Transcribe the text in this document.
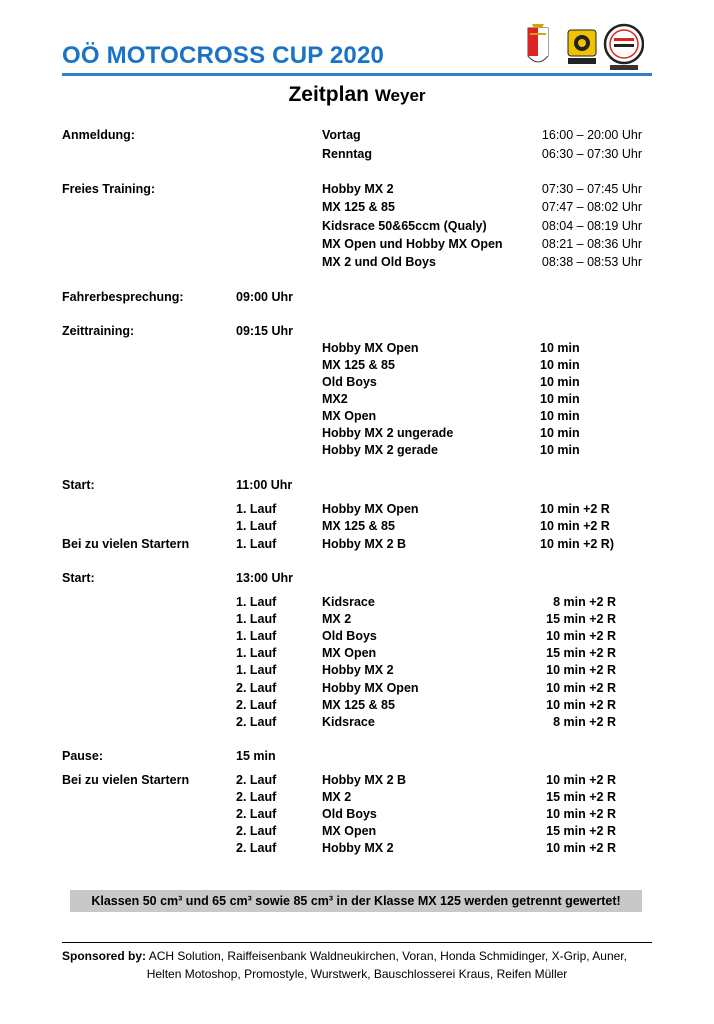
OÖ MOTOCROSS CUP 2020
Zeitplan Weyer
Anmeldung:	Vortag	16:00 – 20:00 Uhr
Renntag	06:30 – 07:30 Uhr
Freies Training:	Hobby MX 2	07:30 – 07:45 Uhr
MX 125 & 85	07:47 – 08:02 Uhr
Kidsrace 50&65ccm (Qualy)	08:04 – 08:19 Uhr
MX Open und Hobby MX Open	08:21 – 08:36 Uhr
MX 2 und Old Boys	08:38 – 08:53 Uhr
Fahrerbesprechung:	09:00 Uhr
Zeittraining:	09:15 Uhr
Hobby MX Open	10 min
MX 125 & 85	10 min
Old Boys	10 min
MX2	10 min
MX Open	10 min
Hobby MX 2 ungerade	10 min
Hobby MX 2 gerade	10 min
Start:	11:00 Uhr
1. Lauf	Hobby MX Open	10 min +2 R
1. Lauf	MX 125 & 85	10 min +2 R
Bei zu vielen Startern	1. Lauf	Hobby MX 2 B	10 min +2 R)
Start:	13:00 Uhr
1. Lauf	Kidsrace	8 min +2 R
1. Lauf	MX 2	15 min +2 R
1. Lauf	Old Boys	10 min +2 R
1. Lauf	MX Open	15 min +2 R
1. Lauf	Hobby MX 2	10 min +2 R
2. Lauf	Hobby MX Open	10 min +2 R
2. Lauf	MX 125 & 85	10 min +2 R
2. Lauf	Kidsrace	8 min +2 R
Pause:	15 min
Bei zu vielen Startern	2. Lauf	Hobby MX 2 B	10 min +2 R
2. Lauf	MX 2	15 min +2 R
2. Lauf	Old Boys	10 min +2 R
2. Lauf	MX Open	15 min +2 R
2. Lauf	Hobby MX 2	10 min +2 R
Klassen 50 cm³ und 65 cm³ sowie 85 cm³ in der Klasse MX 125 werden getrennt gewertet!
Sponsored by: ACH Solution, Raiffeisenbank Waldneukirchen, Voran, Honda Schmidinger, X-Grip, Auner,
Helten Motoshop, Promostyle, Wurstwerk, Bauschlosserei Kraus, Reifen Müller
